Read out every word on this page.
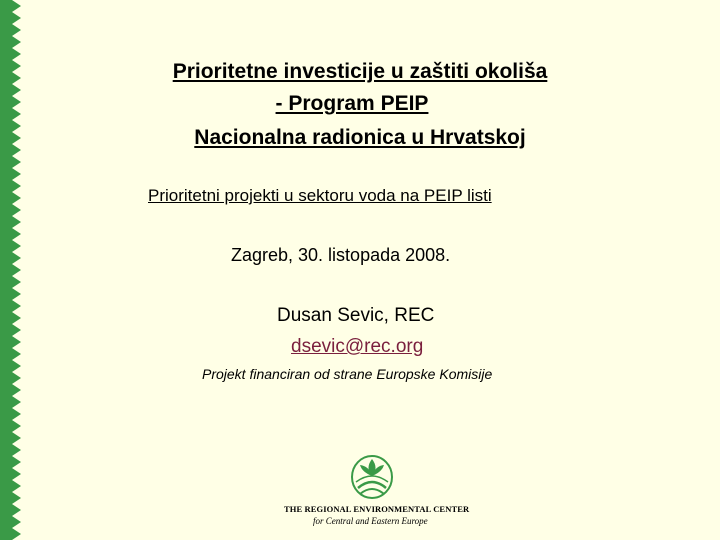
Prioritetne investicije u zaštiti okoliša
- Program PEIP
Nacionalna radionica u Hrvatskoj
Prioritetni projekti u sektoru voda na PEIP listi
Zagreb, 30. listopada 2008.
Dusan Sevic, REC
dsevic@rec.org
Projekt financiran od strane Europske Komisije
THE REGIONAL ENVIRONMENTAL CENTER
for Central and Eastern Europe
